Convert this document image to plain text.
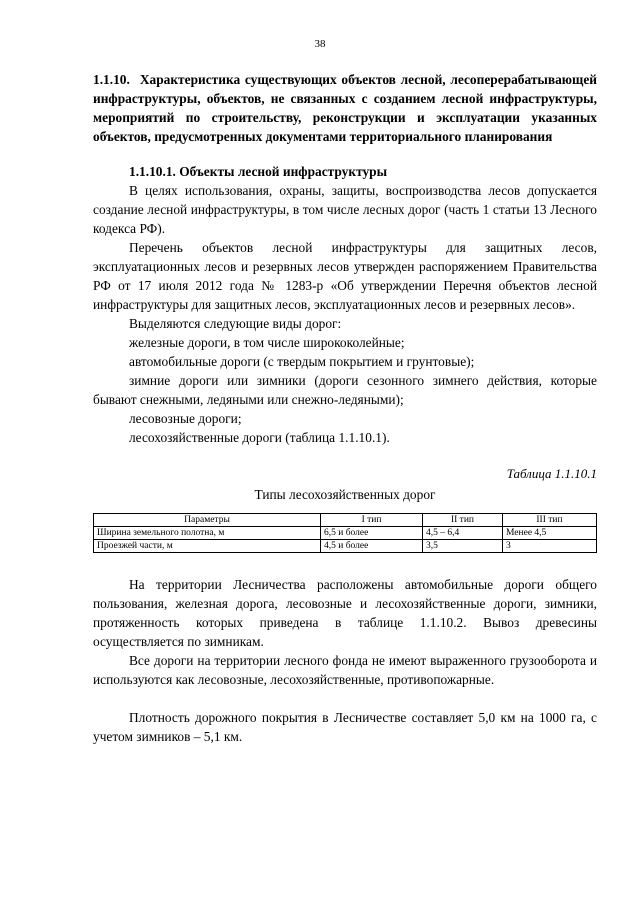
38
1.1.10. Характеристика существующих объектов лесной, лесоперерабатывающей инфраструктуры, объектов, не связанных с созданием лесной инфраструктуры, мероприятий по строительству, реконструкции и эксплуатации указанных объектов, предусмотренных документами территориального планирования
1.1.10.1. Объекты лесной инфраструктуры

В целях использования, охраны, защиты, воспроизводства лесов допускается создание лесной инфраструктуры, в том числе лесных дорог (часть 1 статьи 13 Лесного кодекса РФ).

Перечень объектов лесной инфраструктуры для защитных лесов, эксплуатационных лесов и резервных лесов утвержден распоряжением Правительства РФ от 17 июля 2012 года № 1283-р «Об утверждении Перечня объектов лесной инфраструктуры для защитных лесов, эксплуатационных лесов и резервных лесов».

Выделяются следующие виды дорог:

железные дороги, в том числе ширококолейные;
автомобильные дороги (с твердым покрытием и грунтовые);
зимние дороги или зимники (дороги сезонного зимнего действия, которые бывают снежными, ледяными или снежно-ледяными);
лесовозные дороги;
лесохозяйственные дороги (таблица 1.1.10.1).
Таблица 1.1.10.1
Типы лесохозяйственных дорог
Параметры	I тип	II тип	III тип
Ширина земельного полотна, м	6,5 и более	4,5 – 6,4	Менее 4,5
Проезжей части, м	4,5 и более	3,5	3

На территории Лесничества расположены автомобильные дороги общего пользования, железная дорога, лесовозные и лесохозяйственные дороги, зимники, протяженность которых приведена в таблице 1.1.10.2. Вывоз древесины осуществляется по зимникам.

Все дороги на территории лесного фонда не имеют выраженного грузооборота и используются как лесовозные, лесохозяйственные, противопожарные.

Плотность дорожного покрытия в Лесничестве составляет 5,0 км на 1000 га, с учетом зимников – 5,1 км.
